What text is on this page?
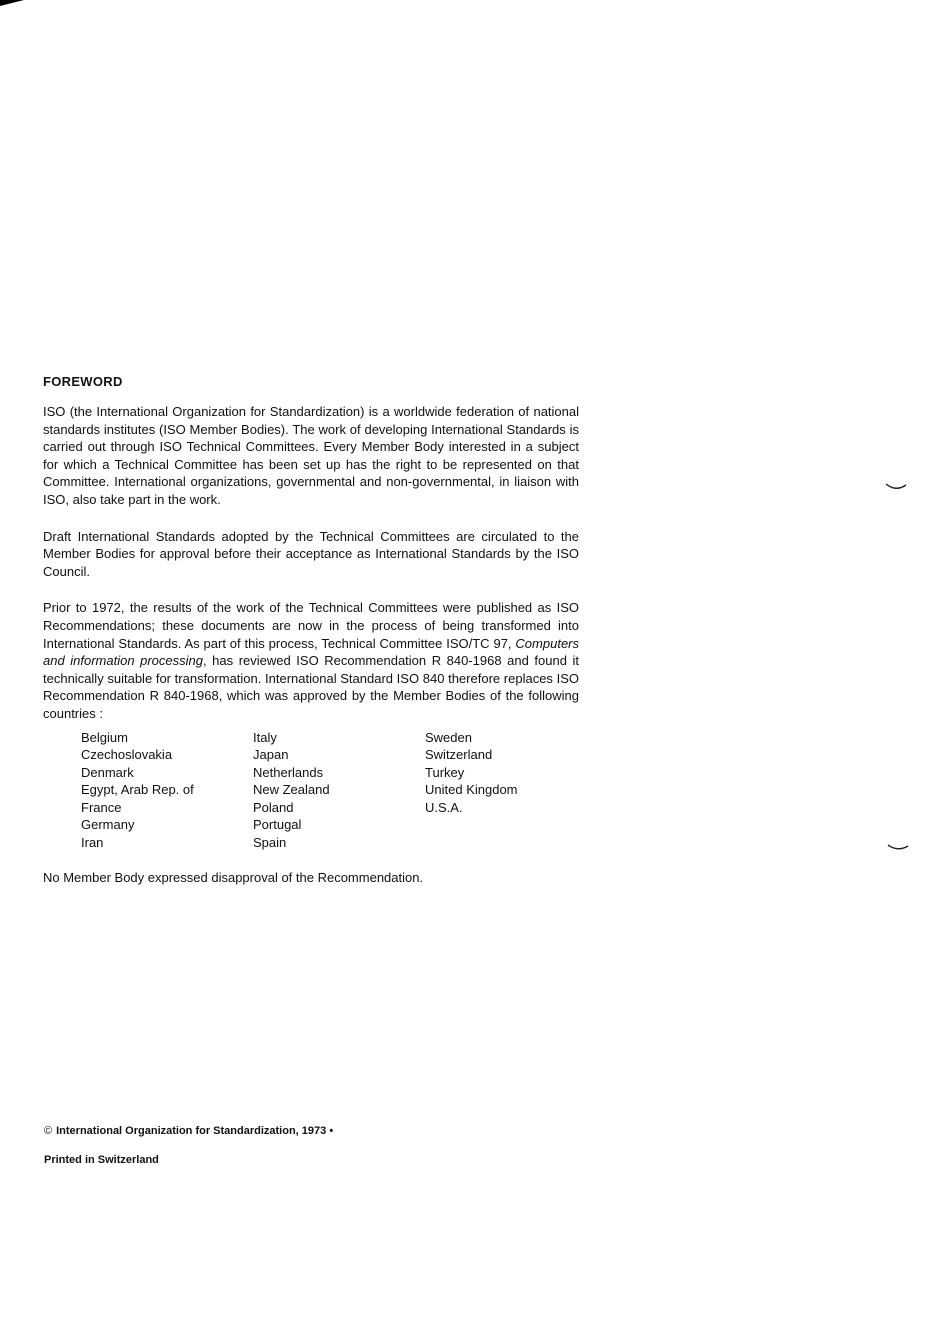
FOREWORD

ISO (the International Organization for Standardization) is a worldwide federation of national standards institutes (ISO Member Bodies). The work of developing International Standards is carried out through ISO Technical Committees. Every Member Body interested in a subject for which a Technical Committee has been set up has the right to be represented on that Committee. International organizations, governmental and non-governmental, in liaison with ISO, also take part in the work.

Draft International Standards adopted by the Technical Committees are circulated to the Member Bodies for approval before their acceptance as International Standards by the ISO Council.

Prior to 1972, the results of the work of the Technical Committees were published as ISO Recommendations; these documents are now in the process of being transformed into International Standards. As part of this process, Technical Committee ISO/TC 97, Computers and information processing, has reviewed ISO Recommendation R 840-1968 and found it technically suitable for transformation. International Standard ISO 840 therefore replaces ISO Recommendation R 840-1968, which was approved by the Member Bodies of the following countries :

Belgium
Czechoslovakia
Denmark
Egypt, Arab Rep. of
France
Germany
Iran
Italy
Japan
Netherlands
New Zealand
Poland
Portugal
Spain
Sweden
Switzerland
Turkey
United Kingdom
U.S.A.

No Member Body expressed disapproval of the Recommendation.

© International Organization for Standardization, 1973 •
Printed in Switzerland
